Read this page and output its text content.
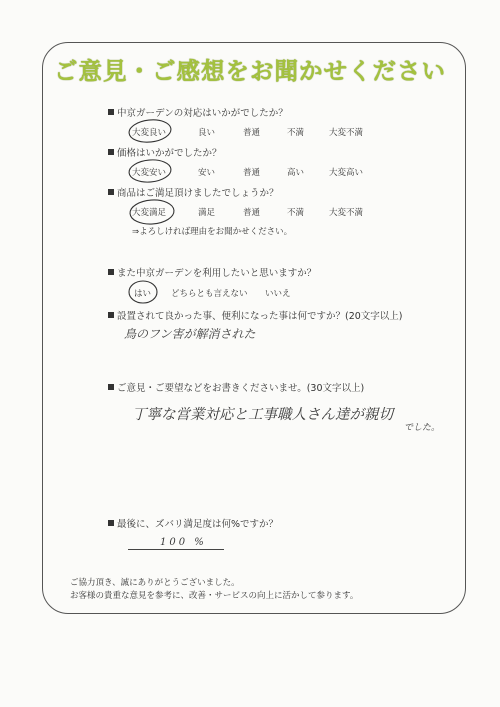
ご意見・ご感想をお聞かせください
中京ガーデンの対応はいかがでしたか？
大変良い	良い	普通	不満	大変不満
価格はいかがでしたか？
大変安い	安い	普通	高い	大変高い
商品はご満足頂けましたでしょうか？
大変満足	満足	普通	不満	大変不満
⇒よろしければ理由をお聞かせください。
また中京ガーデンを利用したいと思いますか？
はい どちらとも言えない いいえ
設置されて良かった事、便利になった事は何ですか？(20文字以上)
鳥のフン害が解消された
ご意見・ご要望などをお書きくださいませ。(30文字以上)
丁寧な営業対応と工事職人さん達が親切
でした。
最後に、ズバリ満足度は何%ですか？
100 %
ご協力頂き、誠にありがとうございました。
お客様の貴重な意見を参考に、改善・サービスの向上に活かして参ります。
